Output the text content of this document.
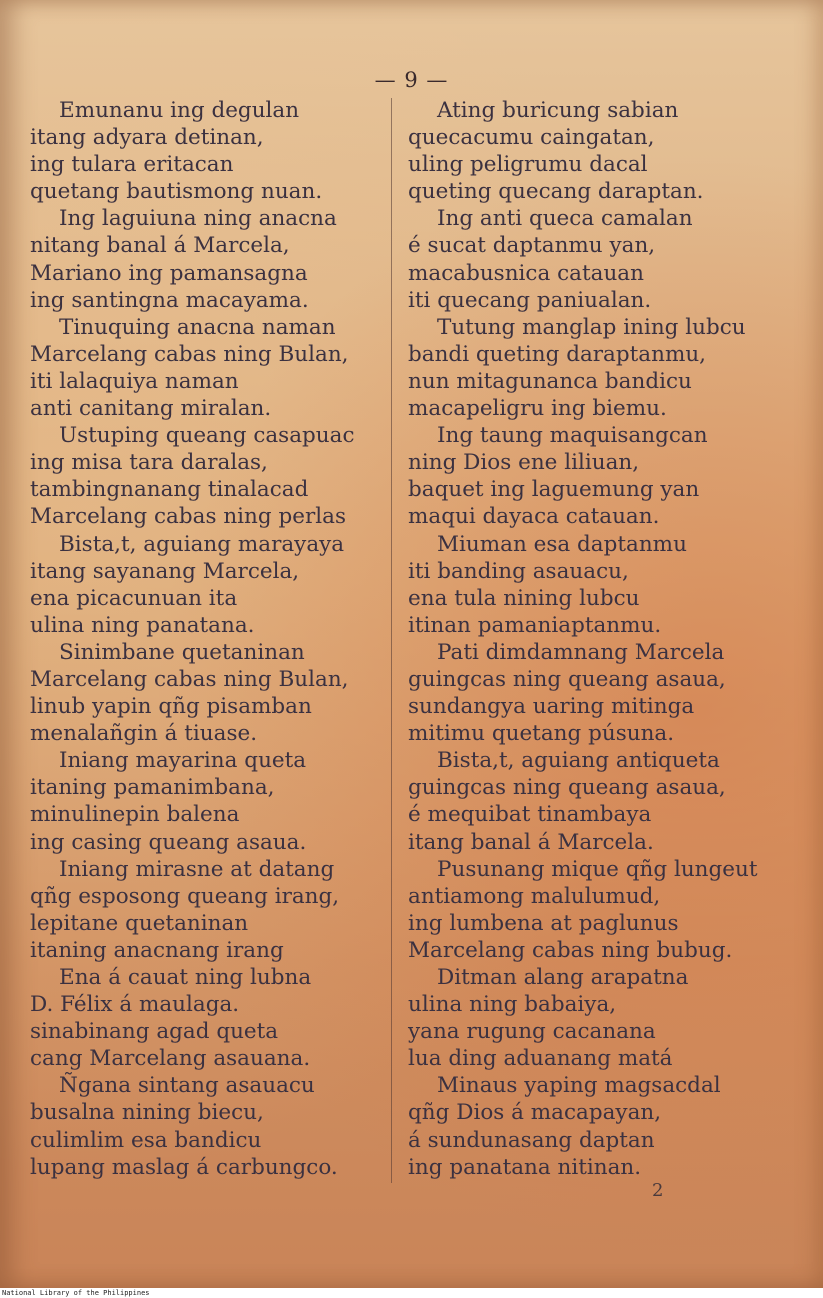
— 9 —
Emunanu ing degulan
itang adyara detinan,
ing tulara eritacan
quetang bautismong nuan.
Ing laguiuna ning anacna
nitang banal á Marcela,
Mariano ing pamansagna
ing santingna macayama.
Tinuquing anacna naman
Marcelang cabas ning Bulan,
iti lalaquiya naman
anti canitang miralan.
Ustuping queang casapuac
ing misa tara daralas,
tambingnanang tinalacad
Marcelang cabas ning perlas
Bista,t, aguiang marayaya
itang sayanang Marcela,
ena picacunuan ita
ulina ning panatana.
Sinimbane quetaninan
Marcelang cabas ning Bulan,
linub yapin qñg pisamban
menalañgin á tiuase.
Iniang mayarina queta
itaning pamanimbana,
minulinepin balena
ing casing queang asaua.
Iniang mirasne at datang
qñg esposong queang irang,
lepitane quetaninan
itaning anacnang irang
Ena á cauat ning lubna
D. Félix á maulaga.
sinabinang agad queta
cang Marcelang asauana.
Ñgana sintang asauacu
busalna nining biecu,
culimlim esa bandicu
lupang maslag á carbungco.
Ating buricung sabian
quecacumu caingatan,
uling peligrumu dacal
queting quecang daraptan.
Ing anti queca camalan
é sucat daptanmu yan,
macabusnica catauan
iti quecang paniualan.
Tutung manglap ining lubcu
bandi queting daraptanmu,
nun mitagunanca bandicu
macapeligru ing biemu.
Ing taung maquisangcan
ning Dios ene liliuan,
baquet ing laguemung yan
maqui dayaca catauan.
Miuman esa daptanmu
iti banding asauacu,
ena tula nining lubcu
itinan pamaniaptanmu.
Pati dimdamnang Marcela
guingcas ning queang asaua,
sundangya uaring mitinga
mitimu quetang púsuna.
Bista,t, aguiang antiqueta
guingcas ning queang asaua,
é mequibat tinambaya
itang banal á Marcela.
Pusunang mique qñg lungeut
antiamong malulumud,
ing lumbena at paglunus
Marcelang cabas ning bubug.
Ditman alang arapatna
ulina ning babaiya,
yana rugung cacanana
lua ding aduanang matá
Minaus yaping magsacdal
qñg Dios á macapayan,
á sundunasang daptan
ing panatana nitinan.
2
National Library of the Philippines
